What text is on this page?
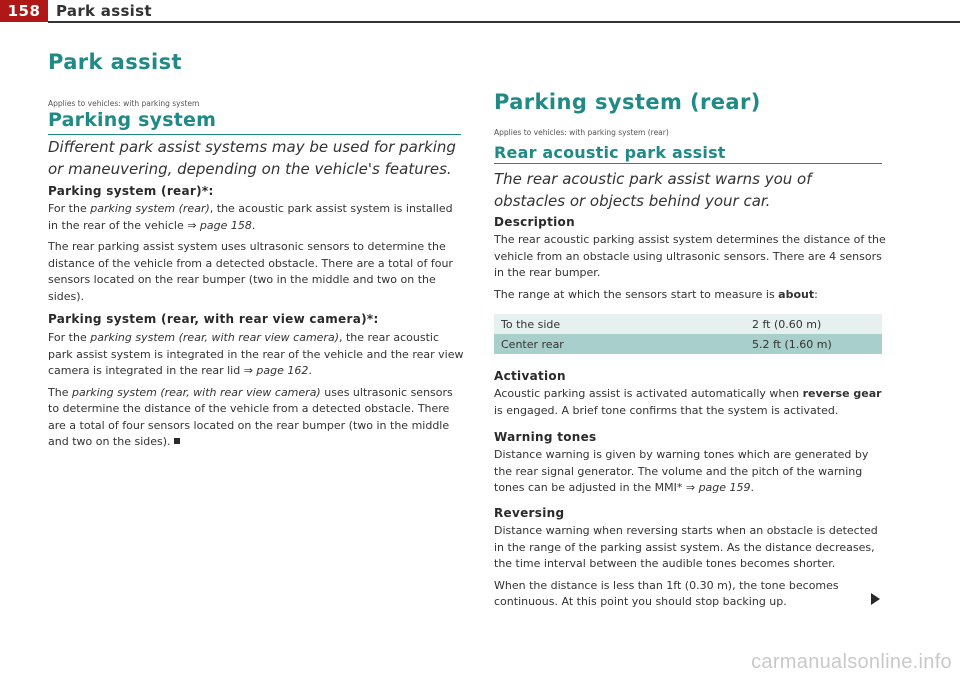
158	Park assist
Park assist
Applies to vehicles: with parking system
Parking system
Different park assist systems may be used for parking or maneuvering, depending on the vehicle's features.
Parking system (rear)*:

For the parking system (rear), the acoustic park assist system is installed in the rear of the vehicle ⇒ page 158.

The rear parking assist system uses ultrasonic sensors to determine the distance of the vehicle from a detected obstacle. There are a total of four sensors located on the rear bumper (two in the middle and two on the sides).

Parking system (rear, with rear view camera)*:

For the parking system (rear, with rear view camera), the rear acoustic park assist system is integrated in the rear of the vehicle and the rear view camera is integrated in the rear lid ⇒ page 162.

The parking system (rear, with rear view camera) uses ultrasonic sensors to determine the distance of the vehicle from a detected obstacle. There are a total of four sensors located on the rear bumper (two in the middle and two on the sides).

Parking system (rear)
Applies to vehicles: with parking system (rear)
Rear acoustic park assist
The rear acoustic park assist warns you of obstacles or objects behind your car.
Description

The rear acoustic parking assist system determines the distance of the vehicle from an obstacle using ultrasonic sensors. There are 4 sensors in the rear bumper.

The range at which the sensors start to measure is about:

To the side	2 ft (0.60 m)
Center rear	5.2 ft (1.60 m)
Activation

Acoustic parking assist is activated automatically when reverse gear is engaged. A brief tone confirms that the system is activated.

Warning tones

Distance warning is given by warning tones which are generated by the rear signal generator. The volume and the pitch of the warning tones can be adjusted in the MMI* ⇒ page 159.

Reversing

Distance warning when reversing starts when an obstacle is detected in the range of the parking assist system. As the distance decreases, the time interval between the audible tones becomes shorter.

When the distance is less than 1ft (0.30 m), the tone becomes continuous. At this point you should stop backing up.

carmanualsonline.info
